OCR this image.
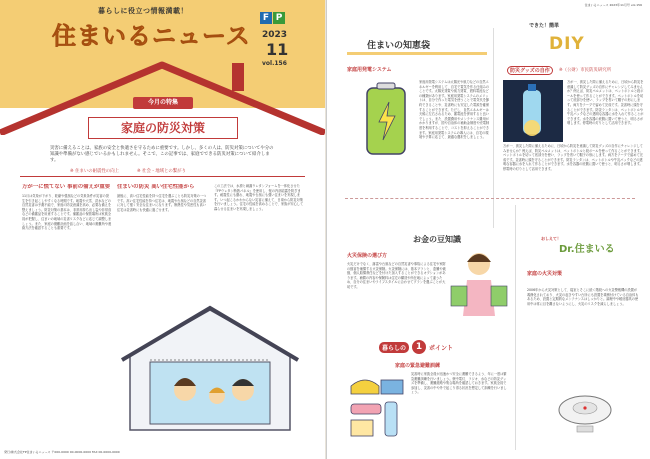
暮らしに役立つ情報満載！
住まいるニュース
F P
2023
11
vol.156
今月の特集
家庭の防災対策
災害に備えることは、家族の安全と快適さを守るために重要です。しかし、多くの人は、防災対策についてや分の知識や準備がない感じでいるかもしれません。そこで、この記事では、家庭でできる防災対策について紹介します。
※ 住まいの耐震性の向上	※ 社会・地域との繋がり
万が一に慌てない 事前の備えが重要
11月は気象が下がり、乾燥や強風などの気象条件が災害の発生を引き起こしやすくなる時期です。地震や大雪、洪水などの自然災害は予測不能で、家庭の防災意識を高め、必要な備えを整えましょう。防災対策の基本は、非常用持ち出し袋や非常食などの備蓄品を用意することです。備蓄品の保管場所は家族全員が把握し、住まいの地域の災害リスクなどに応じて調整しましょう。また、家庭の避難計画を話し合い、地域の避難所や連絡方法を確認することも重要です。
住まいの防災 高い住宅性能から
最後に、高い住宅性能を持つ住宅を選ぶことも防災対策の一つです。高い住宅性能を持つ住宅は、地震や台風などの自然災害に対して強く安全な住まいになります。断熱性や気密性も高い住宅は災害時にも快適に過ごせます。
この工法では、水滑と疎漏ウレタンフォームを一体化させた『FPウレタン断熱パネル』を使用し、壁の内部結露を防ぎます。耐震性にも優れ、地震や台風にも強い住まいを実現します。いつ起こるかわからない災害に備えて、日頃から防災対策を行いましょう。住宅の性能を高めることで、家族が安心して暮らせる住まいを実現しましょう。
発行/株式会社FP住まいるニュース 〒000-0000 00-0000-0000 FAX 00-0000-0000
住まいるニュース 2023年11月号 vol.156
住まいの知恵袋
家庭用発電システム
家庭用発電システムは太陽光や風力などの自然エネルギーを利用して、自宅で電気を作る仕組みのことです。太陽光発電や風力発電、燃料電池などの種類があります。家庭用発電システムのメリットは、自分で作った電気を使うことで電気代を節約できることや、災害時にも安定した電源を確保することができます。ただし、自然エネルギーは天候に左右されるため、蓄電池を併用すると良いでしょう。また、設置費用やメンテナンス費用がかかりますが、国や自治体の補助金制度や売電制度を利用することで、コストを抑えることができます。家庭用発電システムの導入には、自宅の環境や予算に応じて、最適な選択をしましょう。
できた！簡単
DIY
防災グッズの自作	※（公財）市民防災研究所
万が一、被災した際に備えるために、日頃から防災を意識して防災グッズの自作にチャレンジしてみませんか？例えば、防災ペルメットは、ペットボトルと段ボールを使って作ることができます。ペットボトルを切って底部分を使い、ラップを巻いて帽子の形にします。両方をテープで留めて完成です。災害時に頭を守ることができます。防災ランタンは、ペットボトルや牛乳パックなどの透明な容器に水を入れて作ることができます。水を容器の底側に置いて使うと、明るさが増します。停電時の灯りとして活用できます。
万が一、被災した際に備えるために、日頃から防災を意識して防災グッズの自作にチャレンジしてみませんか？例えば、防災ペルメットは、ペットボトルと段ボールを使って作ることができます。ペットボトルを切って底部分を使い、ラップを巻いて帽子の形にします。両方をテープで留めて完成です。災害時に頭を守ることができます。防災ランタンは、ペットボトルや牛乳パックなどの透明な容器に水を入れて作ることができます。水を容器の底側に置いて使うと、明るさが増します。停電時の灯りとして活用できます。
お金の豆知識
火災保険の選び方
火災だけでなく、落雷や台風などの自然災害や事故による住宅や家財の損害を補償する火災保険。火災保険には、基本プランと、盗難や破損、個人賠償責任などを付けた加入することができるオプションがあります。補償の内容や保険料は住宅の構造や所在地によって違うため、自分の住まいやライフスタイルに合わせてプランを選ぶことが大切です。
暮らしの	1	ポイント
家庭の緊急避難訓練
災害時に家族全員が迅速かつ安全に避難できるよう、年に一度は緊急避難訓練を行いましょう。懐中電灯、ラジオ、水などの防災グッズを準備し、避難経路や集合場所を確認しておきます。家族全員で参加し、災害の中や外で起こり得る状況を想定して訓練を行いましょう。
おしえて！
Dr.住まいる
家庭の火災対策
2006年から火災対策として、寝室とそこに続く階段への火災警報機の設置が義務化されており、火災の起きやすい台所にも設置を義務付けている自治体もあるため、設置と定期的なメンテナンスはしっかりと。調理中や暖房器具の使用中は常に目を離さないようにし、火災のリスクを減らしましょう。
